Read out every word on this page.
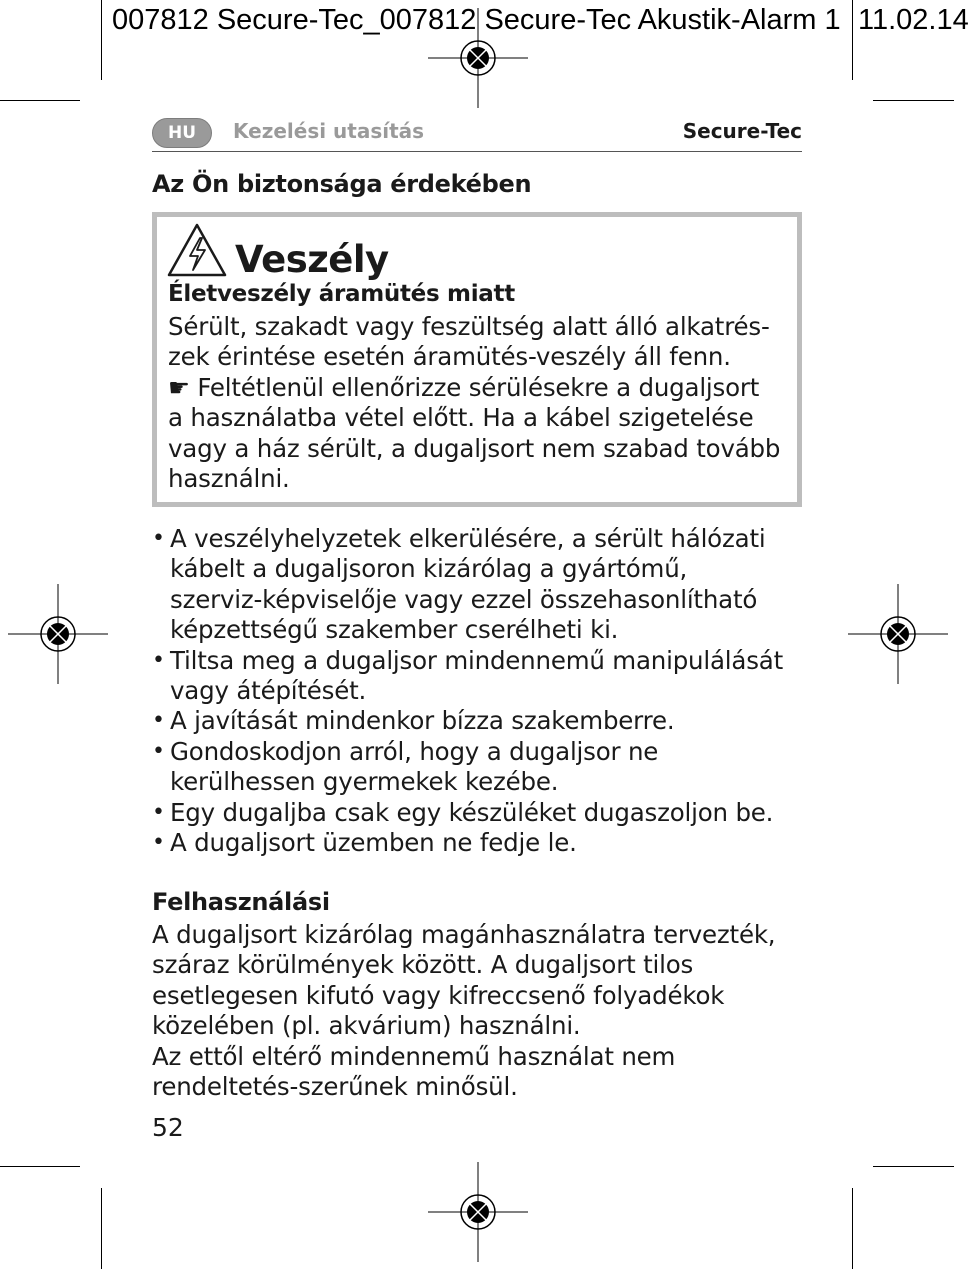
007812 Secure-Tec_007812 Secure-Tec Akustik-Alarm 1 11.02.14
HU	Kezelési utasítás	Secure-Tec
Az Ön biztonsága érdekében
Veszély
Életveszély áramütés miatt
Sérült, szakadt vagy feszültség alatt álló alkatrés-
zek érintése esetén áramütés-veszély áll fenn.
☛ Feltétlenül ellenőrizze sérülésekre a dugaljsort
a használatba vétel előtt. Ha a kábel szigetelése
vagy a ház sérült, a dugaljsort nem szabad tovább
használni.
• A veszélyhelyzetek elkerülésére, a sérült hálózati
kábelt a dugaljsoron kizárólag a gyártómű,
szerviz-képviselője vagy ezzel összehasonlítható
képzettségű szakember cserélheti ki.
• Tiltsa meg a dugaljsor mindennemű manipulálását
vagy átépítését.
• A javítását mindenkor bízza szakemberre.
• Gondoskodjon arról, hogy a dugaljsor ne
kerülhessen gyermekek kezébe.
• Egy dugaljba csak egy készüléket dugaszoljon be.
• A dugaljsort üzemben ne fedje le.
Felhasználási
A dugaljsort kizárólag magánhasználatra tervezték,
száraz körülmények között. A dugaljsort tilos
esetlegesen kifutó vagy kifreccsenő folyadékok
közelében (pl. akvárium) használni.
Az ettől eltérő mindennemű használat nem
rendeltetés-szerűnek minősül.
52
